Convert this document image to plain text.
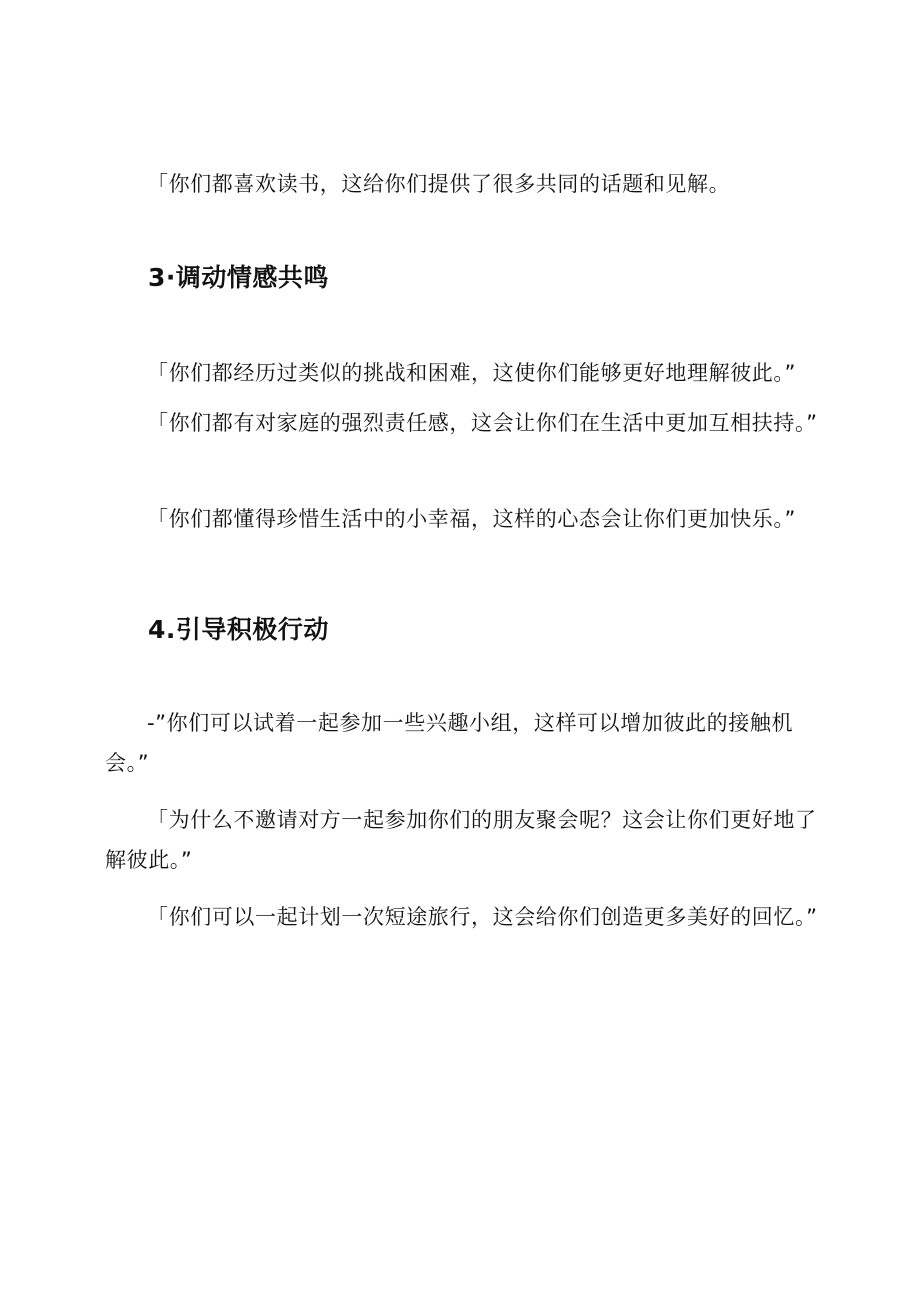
「你们都喜欢读书，这给你们提供了很多共同的话题和见解。

3·调动情感共鸣

「你们都经历过类似的挑战和困难，这使你们能够更好地理解彼此。”

「你们都有对家庭的强烈责任感，这会让你们在生活中更加互相扶持。”

「你们都懂得珍惜生活中的小幸福，这样的心态会让你们更加快乐。”

4.引导积极行动

-”你们可以试着一起参加一些兴趣小组，这样可以增加彼此的接触机会。”

「为什么不邀请对方一起参加你们的朋友聚会呢？这会让你们更好地了解彼此。”

「你们可以一起计划一次短途旅行，这会给你们创造更多美好的回忆。”
